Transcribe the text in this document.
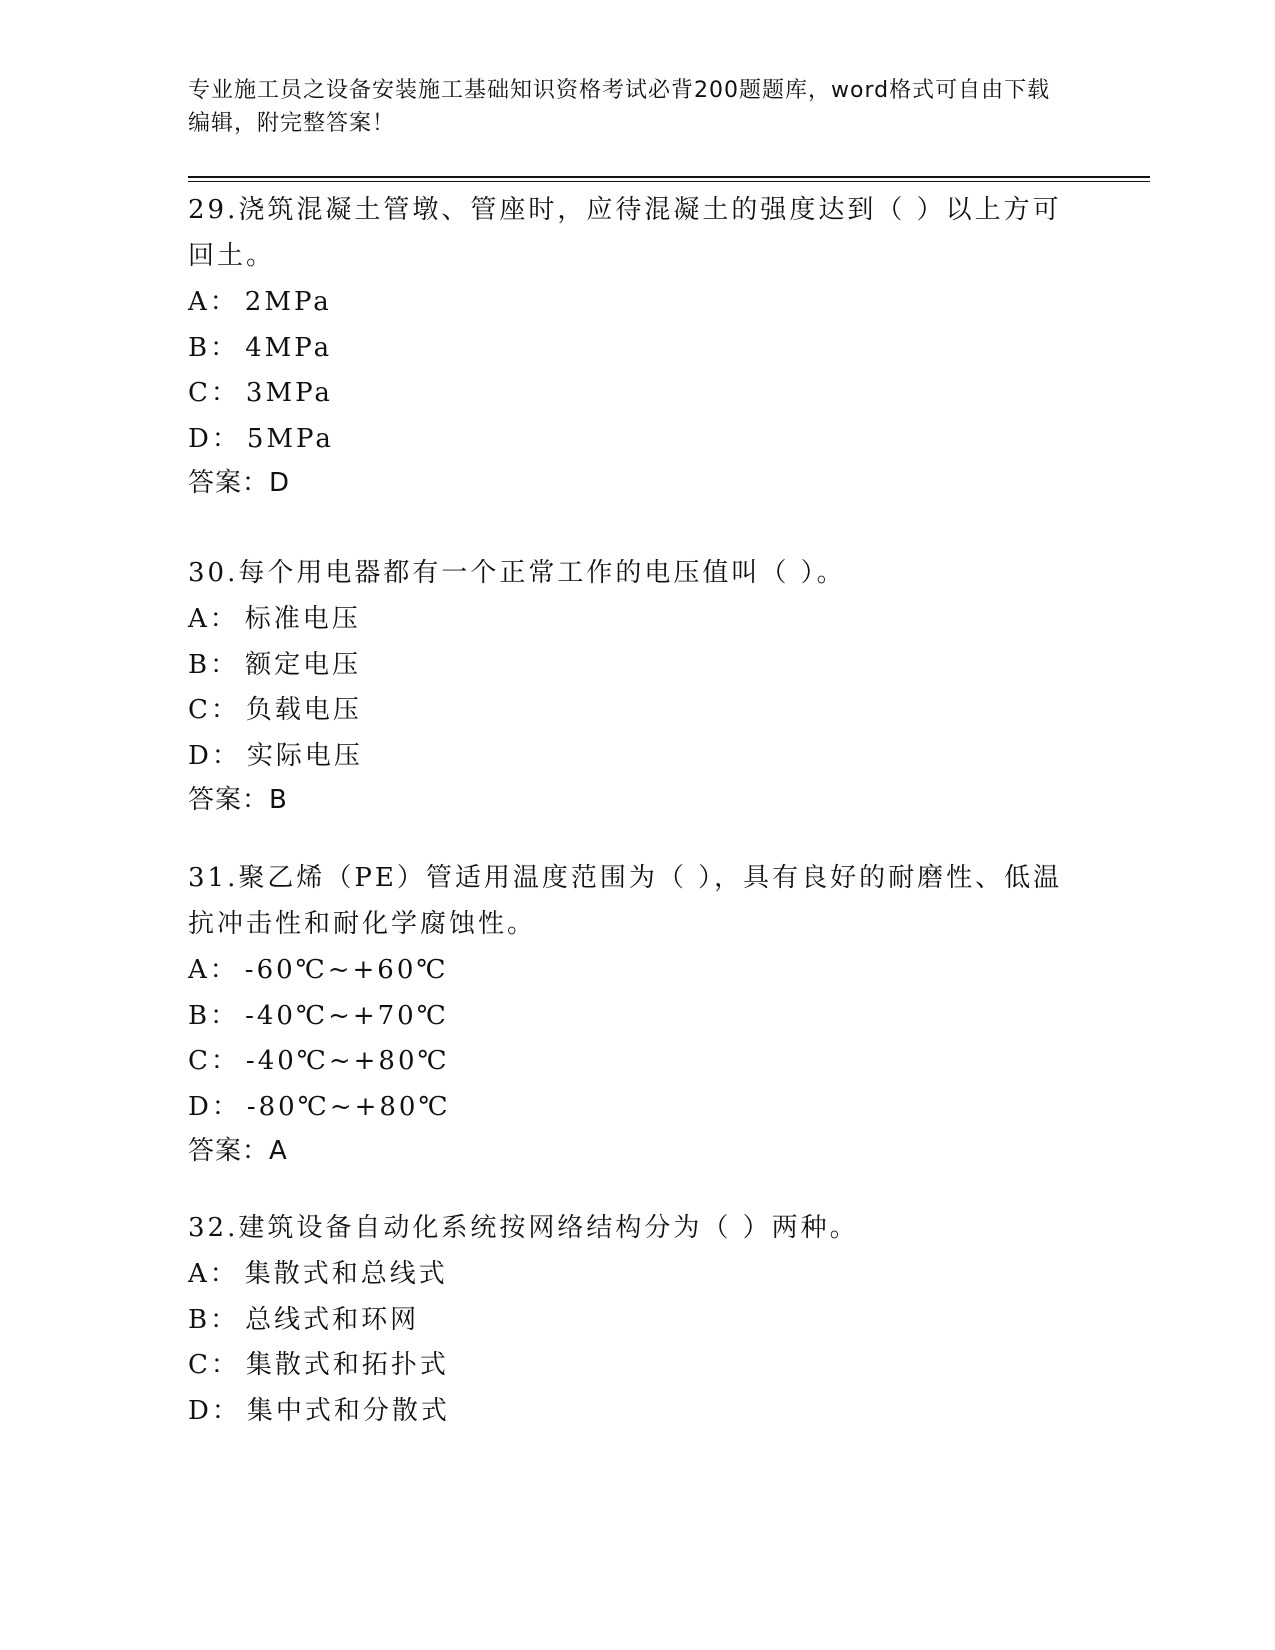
专业施工员之设备安装施工基础知识资格考试必背200题题库，word格式可自由下载编辑，附完整答案！

29.浇筑混凝土管墩、管座时，应待混凝土的强度达到（ ）以上方可回土。

A： 2MPa

B： 4MPa

C： 3MPa

D： 5MPa

答案：D

30.每个用电器都有一个正常工作的电压值叫（ ）。

A： 标准电压

B： 额定电压

C： 负载电压

D： 实际电压

答案：B

31.聚乙烯（PE）管适用温度范围为（ ），具有良好的耐磨性、低温抗冲击性和耐化学腐蚀性。

A： -60℃~+60℃

B： -40℃~+70℃

C： -40℃~+80℃

D： -80℃~+80℃

答案：A

32.建筑设备自动化系统按网络结构分为（ ）两种。

A： 集散式和总线式

B： 总线式和环网

C： 集散式和拓扑式

D： 集中式和分散式
